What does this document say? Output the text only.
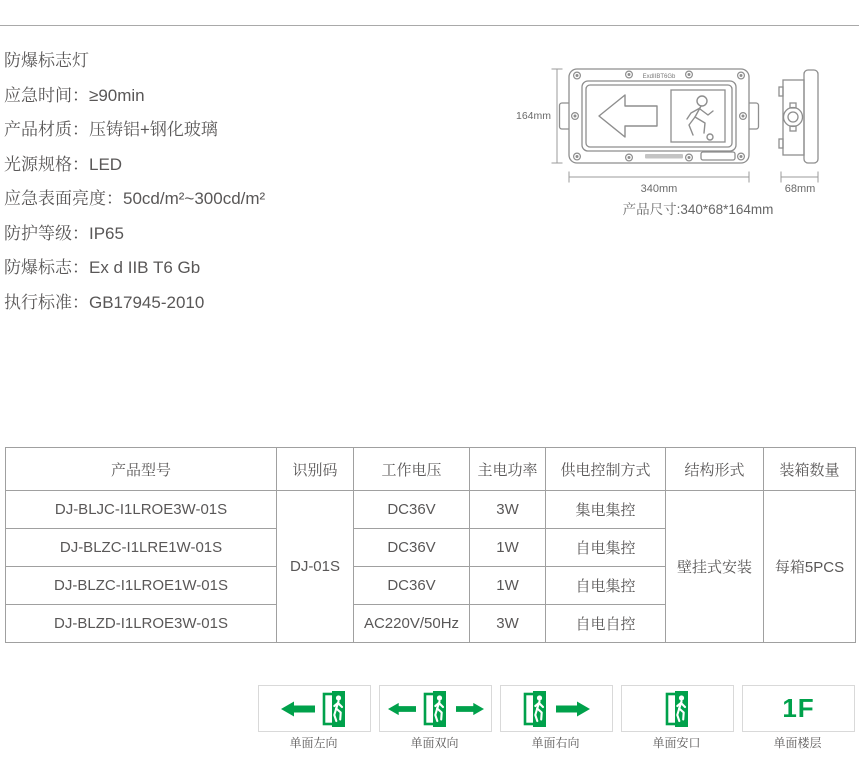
防爆标志灯
应急时间：≥90min
产品材质：压铸铝+钢化玻璃
光源规格：LED
应急表面亮度：50cd/m²~300cd/m²
防护等级：IP65
防爆标志：Ex d IIB T6 Gb
执行标准：GB17945-2010
ExdIIBT6Gb
164mm
340mm	68mm
产品尺寸:340*68*164mm
产品型号	识别码	工作电压	主电功率	供电控制方式	结构形式	装箱数量
DJ-BLJC-I1LROE3W-01S	DJ-01S	DC36V	3W	集电集控	壁挂式安装	每箱5PCS
DJ-BLZC-I1LRE1W-01S		DC36V	1W	自电集控		
DJ-BLZC-I1LROE1W-01S		DC36V	1W	自电集控		
DJ-BLZD-I1LROE3W-01S		AC220V/50Hz	3W	自电自控		
单面左向	单面双向	单面右向	单面安口
1F
单面楼层
